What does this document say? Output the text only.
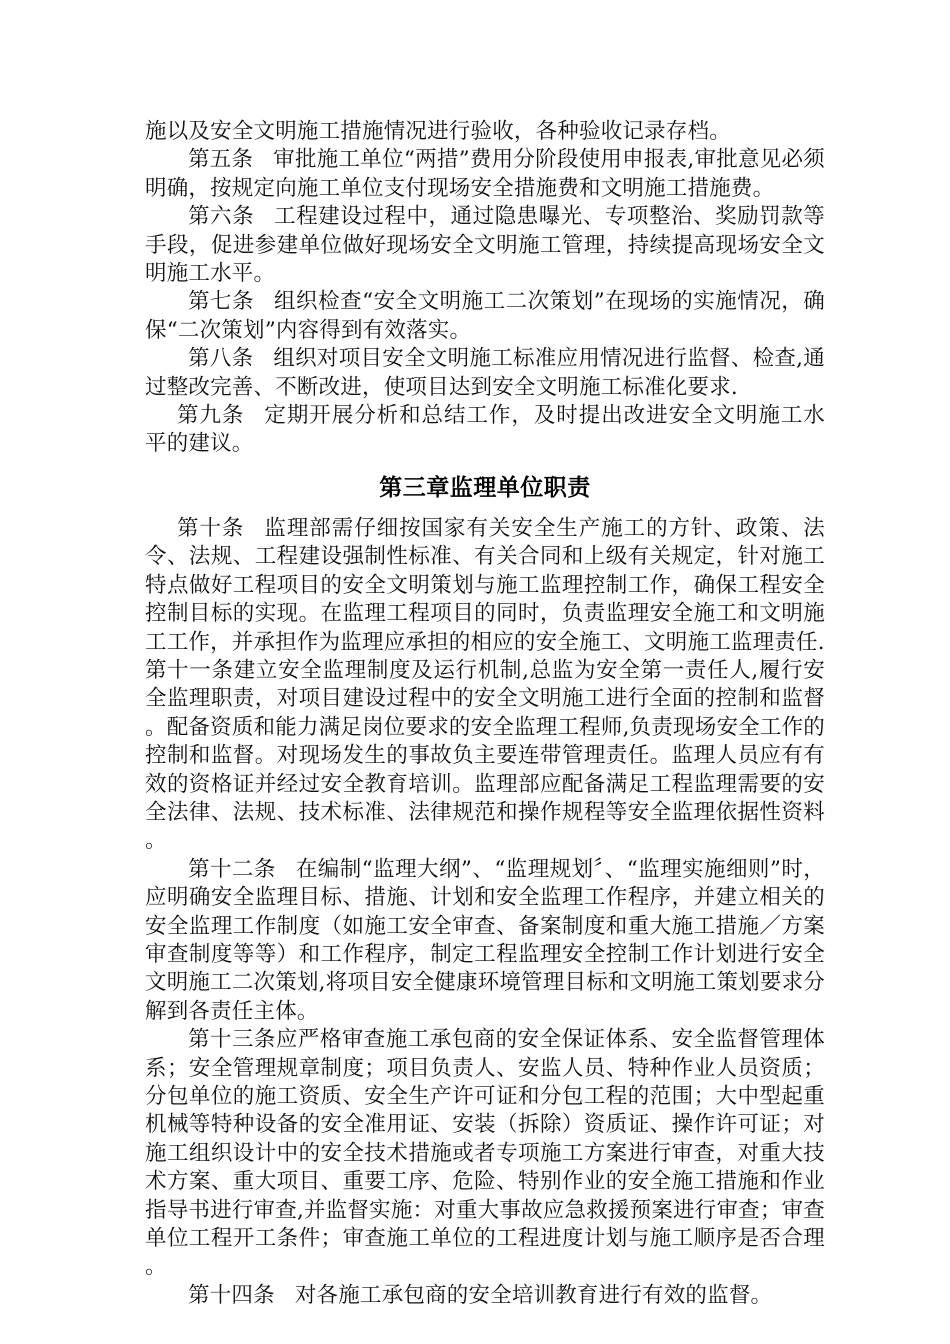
施以及安全文明施工措施情况进行验收，各种验收记录存档。

第五条 审批施工单位“两措”费用分阶段使用申报表,审批意见必须明确，按规定向施工单位支付现场安全措施费和文明施工措施费。

第六条 工程建设过程中，通过隐患曝光、专项整治、奖励罚款等手段，促进参建单位做好现场安全文明施工管理，持续提高现场安全文明施工水平。

第七条 组织检查“安全文明施工二次策划”在现场的实施情况，确保“二次策划”内容得到有效落实。

第八条 组织对项目安全文明施工标准应用情况进行监督、检查,通过整改完善、不断改进，使项目达到安全文明施工标准化要求.

第九条 定期开展分析和总结工作，及时提出改进安全文明施工水平的建议。

第三章监理单位职责

第十条 监理部需仔细按国家有关安全生产施工的方针、政策、法令、法规、工程建设强制性标准、有关合同和上级有关规定，针对施工特点做好工程项目的安全文明策划与施工监理控制工作，确保工程安全控制目标的实现。在监理工程项目的同时，负责监理安全施工和文明施工工作，并承担作为监理应承担的相应的安全施工、文明施工监理责任.

第十一条建立安全监理制度及运行机制,总监为安全第一责任人,履行安全监理职责，对项目建设过程中的安全文明施工进行全面的控制和监督。配备资质和能力满足岗位要求的安全监理工程师,负责现场安全工作的控制和监督。对现场发生的事故负主要连带管理责任。监理人员应有有效的资格证并经过安全教育培训。监理部应配备满足工程监理需要的安全法律、法规、技术标准、法律规范和操作规程等安全监理依据性资料。

第十二条 在编制“监理大纲”、“监理规划〞、“监理实施细则”时，应明确安全监理目标、措施、计划和安全监理工作程序，并建立相关的安全监理工作制度（如施工安全审查、备案制度和重大施工措施／方案审查制度等等）和工作程序，制定工程监理安全控制工作计划进行安全文明施工二次策划,将项目安全健康环境管理目标和文明施工策划要求分解到各责任主体。

第十三条应严格审查施工承包商的安全保证体系、安全监督管理体系；安全管理规章制度；项目负责人、安监人员、特种作业人员资质；分包单位的施工资质、安全生产许可证和分包工程的范围；大中型起重机械等特种设备的安全准用证、安装（拆除）资质证、操作许可证；对施工组织设计中的安全技术措施或者专项施工方案进行审查，对重大技术方案、重大项目、重要工序、危险、特别作业的安全施工措施和作业指导书进行审查,并监督实施：对重大事故应急救援预案进行审查；审查单位工程开工条件；审查施工单位的工程进度计划与施工顺序是否合理。

第十四条 对各施工承包商的安全培训教育进行有效的监督。
